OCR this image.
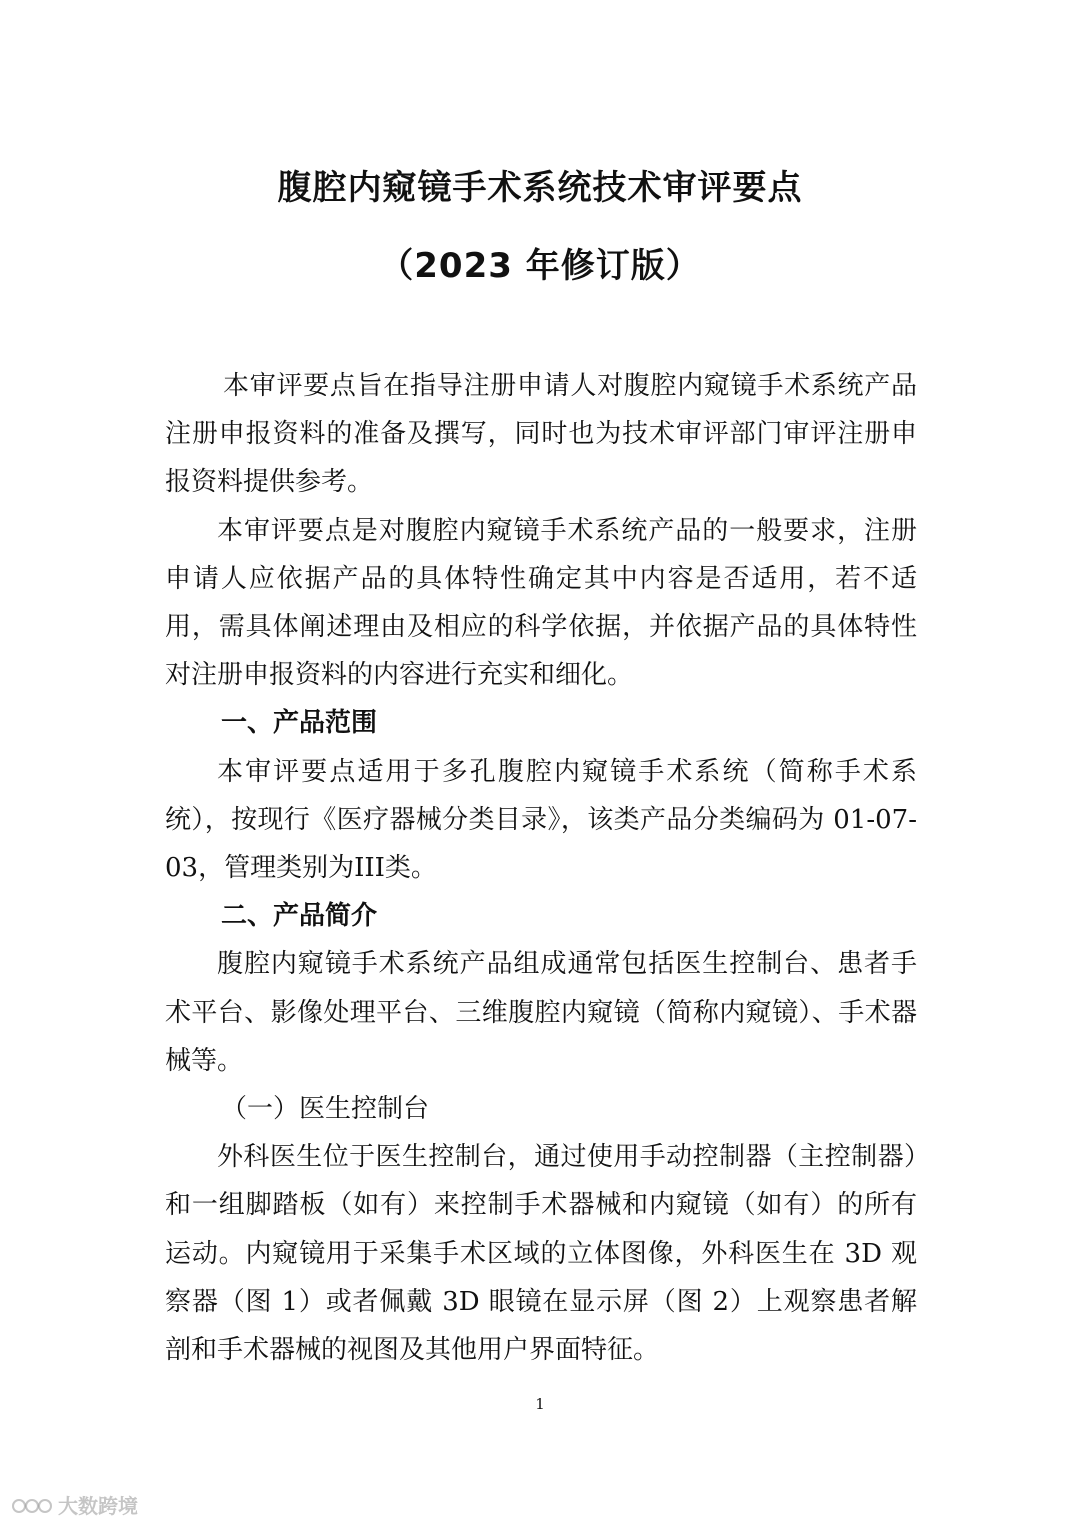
腹腔内窥镜手术系统技术审评要点
（2023 年修订版）

本审评要点旨在指导注册申请人对腹腔内窥镜手术系统产品注册申报资料的准备及撰写，同时也为技术审评部门审评注册申报资料提供参考。

本审评要点是对腹腔内窥镜手术系统产品的一般要求，注册申请人应依据产品的具体特性确定其中内容是否适用，若不适用，需具体阐述理由及相应的科学依据，并依据产品的具体特性对注册申报资料的内容进行充实和细化。

一、产品范围

本审评要点适用于多孔腹腔内窥镜手术系统（简称手术系统），按现行《医疗器械分类目录》，该类产品分类编码为 01-07-03，管理类别为III类。

二、产品简介

腹腔内窥镜手术系统产品组成通常包括医生控制台、患者手术平台、影像处理平台、三维腹腔内窥镜（简称内窥镜）、手术器械等。

（一）医生控制台

外科医生位于医生控制台，通过使用手动控制器（主控制器）和一组脚踏板（如有）来控制手术器械和内窥镜（如有）的所有运动。内窥镜用于采集手术区域的立体图像，外科医生在 3D 观察器（图 1）或者佩戴 3D 眼镜在显示屏（图 2）上观察患者解剖和手术器械的视图及其他用户界面特征。

1
大数跨境
